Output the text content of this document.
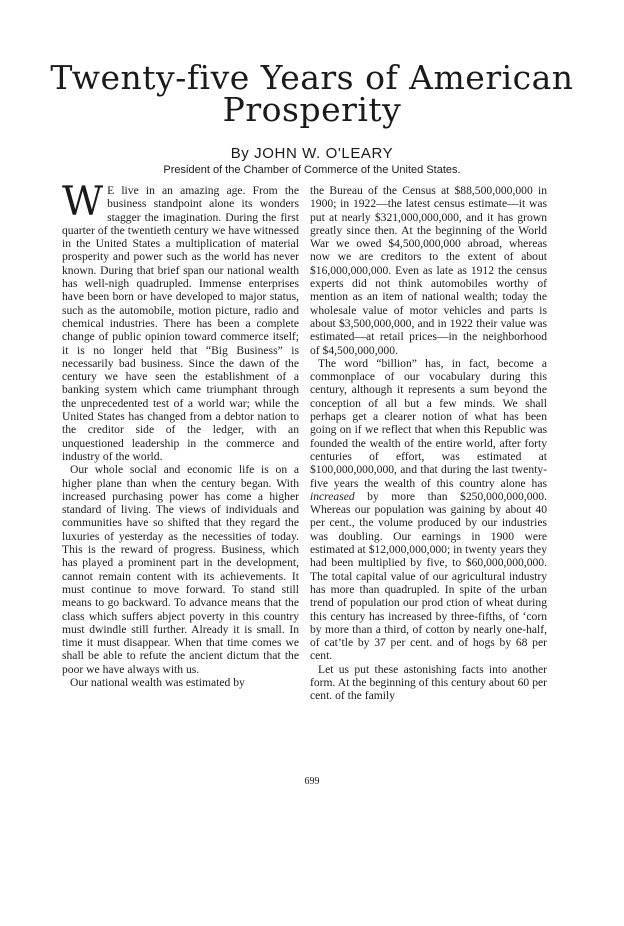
Twenty-five Years of American
Prosperity
By JOHN W. O'LEARY
President of the Chamber of Commerce of the United States.

W E live in an amazing age. From the business standpoint alone its wonders stagger the imagination. During the first quarter of the twentieth century we have witnessed in the United States a multiplication of material prosperity and power such as the world has never known. During that brief span our national wealth has well-nigh quadrupled. Immense enterprises have been born or have developed to major status, such as the automobile, motion picture, radio and chemical industries. There has been a complete change of public opinion toward commerce itself; it is no longer held that “Big Business” is necessarily bad business. Since the dawn of the century we have seen the establishment of a banking system which came triumphant through the unprecedented test of a world war; while the United States has changed from a debtor nation to the creditor side of the ledger, with an unquestioned leadership in the commerce and industry of the world.

Our whole social and economic life is on a higher plane than when the century began. With increased purchasing power has come a higher standard of living. The views of individuals and communities have so shifted that they regard the luxuries of yesterday as the necessities of today. This is the reward of progress. Business, which has played a prominent part in the development, cannot remain content with its achievements. It must continue to move forward. To stand still means to go backward. To advance means that the class which suffers abject poverty in this country must dwindle still further. Already it is small. In time it must disappear. When that time comes we shall be able to refute the ancient dictum that the poor we have always with us.

Our national wealth was estimated by

the Bureau of the Census at $88,500,000,000 in 1900; in 1922—the latest census estimate—it was put at nearly $321,000,000,000, and it has grown greatly since then. At the beginning of the World War we owed $4,500,000,000 abroad, whereas now we are creditors to the extent of about $16,000,000,000. Even as late as 1912 the census experts did not think automobiles worthy of mention as an item of national wealth; today the wholesale value of motor vehicles and parts is about $3,500,000,000, and in 1922 their value was estimated—at retail prices—in the neighborhood of $4,500,000,000.

The word “billion” has, in fact, become a commonplace of our vocabulary during this century, although it represents a sum beyond the conception of all but a few minds. We shall perhaps get a clearer notion of what has been going on if we reflect that when this Republic was founded the wealth of the entire world, after forty centuries of effort, was estimated at $100,000,000,000, and that during the last twenty-five years the wealth of this country alone has increased by more than $250,000,000,000. Whereas our population was gaining by about 40 per cent., the volume produced by our industries was doubling. Our earnings in 1900 were estimated at $12,000,000,000; in twenty years they had been multiplied by five, to $60,000,000,000. The total capital value of our agricultural industry has more than quadrupled. In spite of the urban trend of population our prod ction of wheat during this century has increased by three-fifths, of ‘corn by more than a third, of cotton by nearly one-half, of cat’tle by 37 per cent. and of hogs by 68 per cent.

Let us put these astonishing facts into another form. At the beginning of this century about 60 per cent. of the family

699
